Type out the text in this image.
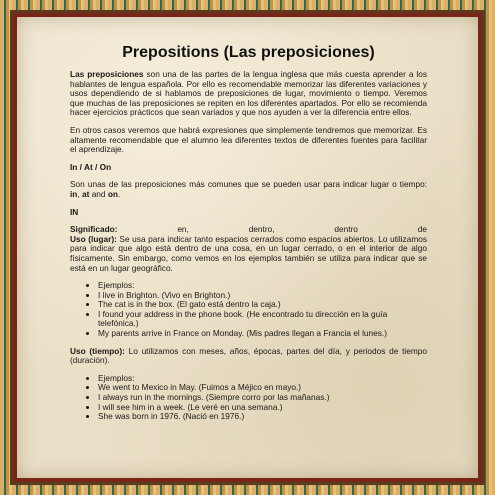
Prepositions (Las preposiciones)

Las preposiciones son una de las partes de la lengua inglesa que más cuesta aprender a los hablantes de lengua española. Por ello es recomendable memorizar las diferentes variaciones y usos dependiendo de si hablamos de preposiciones de lugar, movimiento o tiempo. Veremos que muchas de las preposiciones se repiten en los diferentes apartados. Por ello se recomienda hacer ejercicios prácticos que sean variados y que nos ayuden a ver la diferencia entre ellos.

En otros casos veremos que habrá expresiones que simplemente tendremos que memorizar. Es altamente recomendable que el alumno lea diferentes textos de diferentes fuentes para facilitar el aprendizaje.

In / At / On

Son unas de las preposiciones más comunes que se pueden usar para indicar lugar o tiempo: in, at and on.

IN
Significado:	en,	dentro,	dentro	de

Uso (lugar): Se usa para indicar tanto espacios cerrados como espacios abiertos. Lo utilizamos para indicar que algo está dentro de una cosa, en un lugar cerrado, o en el interior de algo físicamente. Sin embargo, como vemos en los ejemplos también se utiliza para indicar que se está en un lugar geográfico.

• Ejemplos:
• I live in Brighton. (Vivo en Brighton.)
• The cat is in the box. (El gato está dentro la caja.)
• I found your address in the phone book. (He encontrado tu dirección en la guía telefónica.)
• My parents arrive in France on Monday. (Mis padres llegan a Francia el lunes.)

Uso (tiempo): Lo utilizamos con meses, años, épocas, partes del día, y periodos de tiempo (duración).

• Ejemplos:
• We went to Mexico in May. (Fuimos a Méjico en mayo.)
• I always run in the mornings. (Siempre corro por las mañanas.)
• I will see him in a week. (Le veré en una semana.)
• She was born in 1976. (Nació en 1976.)
